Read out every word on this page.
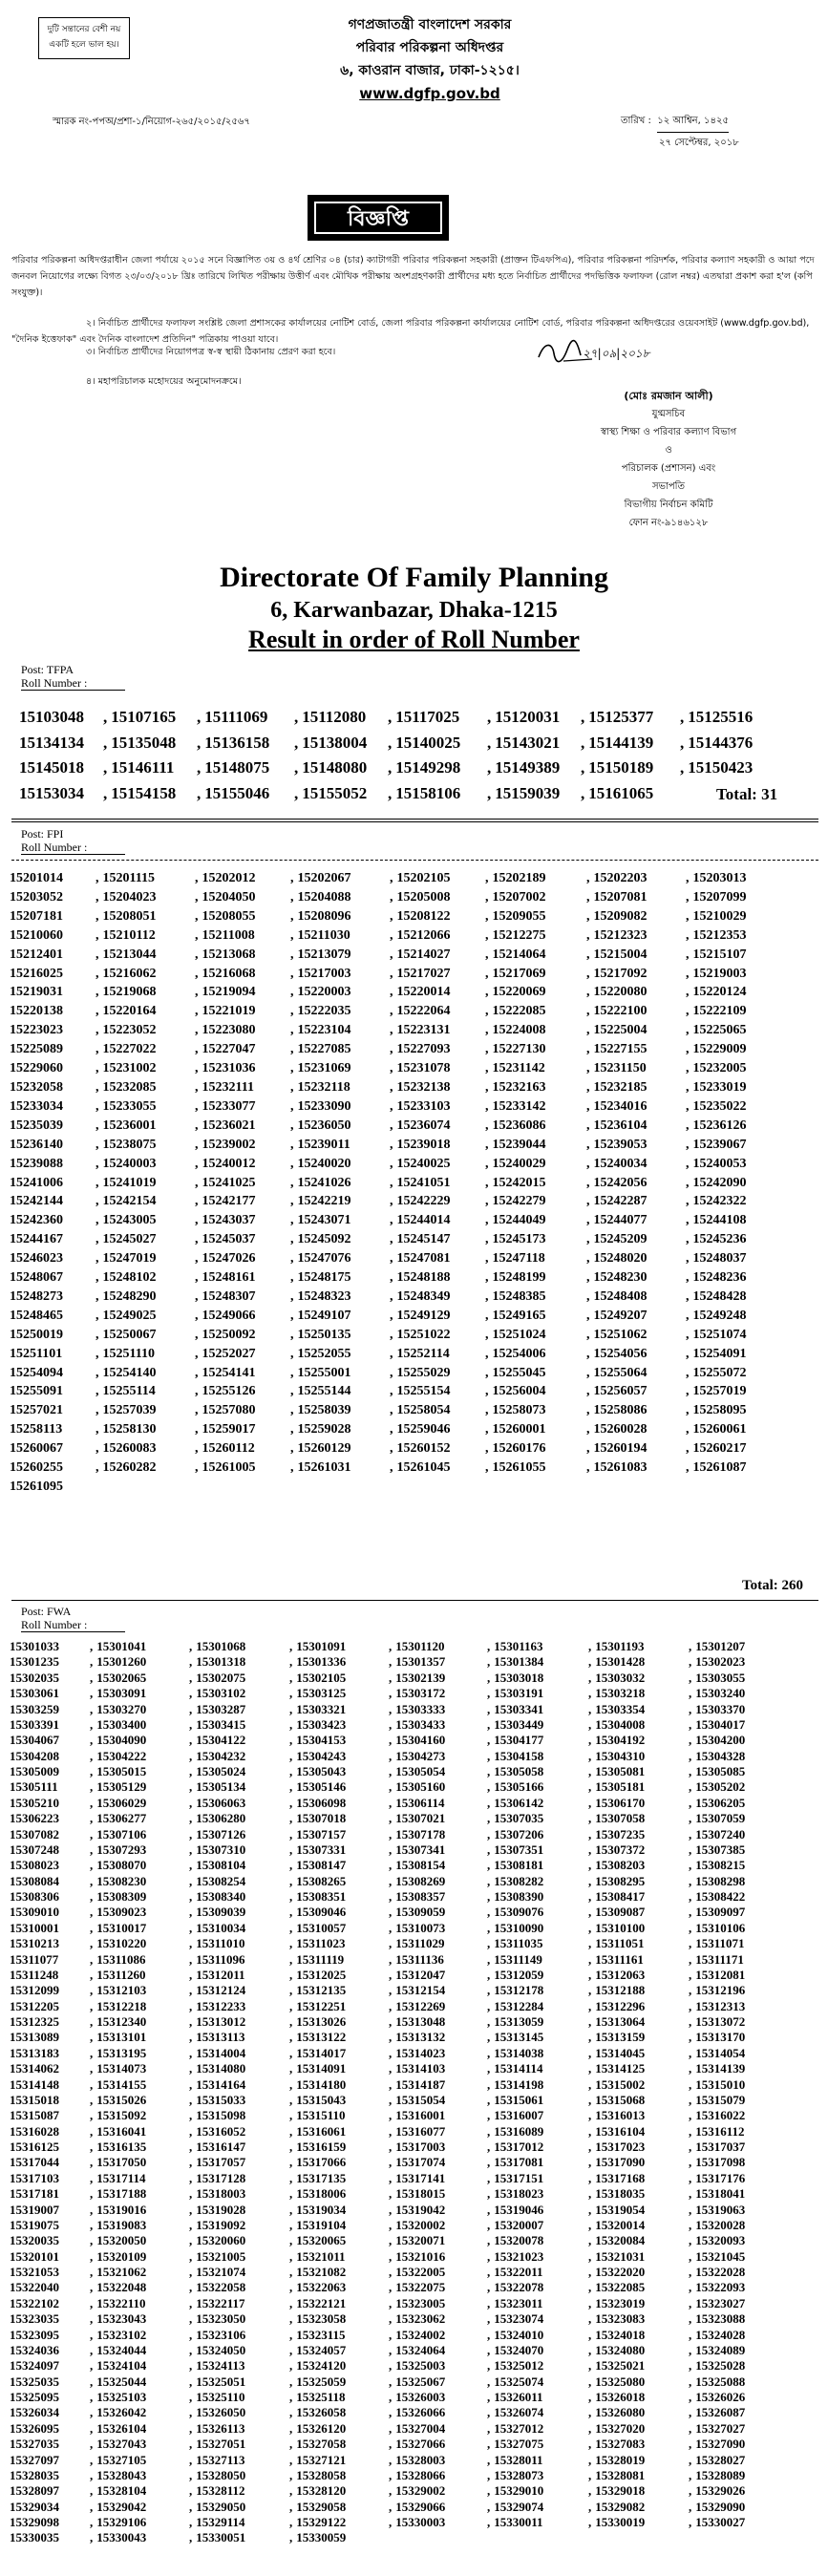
দুটি সন্তানের বেশী নয়
একটি হলে ভাল হয়।
গণপ্রজাতন্ত্রী বাংলাদেশ সরকার
পরিবার পরিকল্পনা অধিদপ্তর
৬, কাওরান বাজার, ঢাকা-১২১৫।
www.dgfp.gov.bd
স্মারক নং-পপঅ/প্রশা-১/নিয়োগ-২৬৫/২০১৫/২৫৬৭	তারিখ : ১২ আশ্বিন, ১৪২৫
২৭ সেপ্টেম্বর, ২০১৮
বিজ্ঞপ্তি
পরিবার পরিকল্পনা অধিদপ্তরাধীন জেলা পর্যায়ে ২০১৫ সনে বিজ্ঞাপিত ৩য় ও ৪র্থ শ্রেণির ০৪ (চার) ক্যাটাগরী পরিবার পরিকল্পনা সহকারী (প্রাক্তন টিএফপিএ), পরিবার পরিকল্পনা পরিদর্শক, পরিবার কল্যাণ সহকারী ও আয়া পদে জনবল নিয়োগের লক্ষ্যে বিগত ২৩/০৩/২০১৮ খ্রিঃ তারিখে লিখিত পরীক্ষায় উত্তীর্ণ এবং মৌখিক পরীক্ষায় অংশগ্রহণকারী প্রার্থীদের মধ্য হতে নির্বাচিত প্রার্থীদের পদভিত্তিক ফলাফল (রোল নম্বর) এতদ্বারা প্রকাশ করা হ'ল (কপি সংযুক্ত)।
২। নির্বাচিত প্রার্থীদের ফলাফল সংশ্লিষ্ট জেলা প্রশাসকের কার্যালয়ের নোটিশ বোর্ড, জেলা পরিবার পরিকল্পনা কার্যালয়ের নোটিশ বোর্ড, পরিবার পরিকল্পনা অধিদপ্তরের ওয়েবসাইট (www.dgfp.gov.bd), "দৈনিক ইত্তেফাক" এবং দৈনিক বাংলাদেশ প্রতিদিন" পত্রিকায় পাওয়া যাবে।
৩। নির্বাচিত প্রার্থীদের নিয়োগপত্র স্ব-স্ব স্থায়ী ঠিকানায় প্রেরণ করা হবে।
৪। মহাপরিচালক মহোদয়ের অনুমোদনক্রমে।
২৭|০৯|২০১৮
(মোঃ রমজান আলী)
যুগ্মসচিব
স্বাস্থ্য শিক্ষা ও পরিবার কল্যাণ বিভাগ
ও
পরিচালক (প্রশাসন) এবং
সভাপতি
বিভাগীয় নির্বাচন কমিটি
ফোন নং-৯১৪৬১২৮
Directorate Of Family Planning
6, Karwanbazar, Dhaka-1215
Result in order of Roll Number
Post: TFPA
Roll Number :
15103048	, 15107165	, 15111069	, 15112080	, 15117025	, 15120031	, 15125377	, 15125516
15134134	, 15135048	, 15136158	, 15138004	, 15140025	, 15143021	, 15144139	, 15144376
15145018	, 15146111	, 15148075	, 15148080	, 15149298	, 15149389	, 15150189	, 15150423
15153034	, 15154158	, 15155046	, 15155052	, 15158106	, 15159039	, 15161065	Total: 31
Post: FPI
Roll Number :
15201014	, 15201115	, 15202012	, 15202067	, 15202105	, 15202189	, 15202203	, 15203013
15203052	, 15204023	, 15204050	, 15204088	, 15205008	, 15207002	, 15207081	, 15207099
15207181	, 15208051	, 15208055	, 15208096	, 15208122	, 15209055	, 15209082	, 15210029
15210060	, 15210112	, 15211008	, 15211030	, 15212066	, 15212275	, 15212323	, 15212353
15212401	, 15213044	, 15213068	, 15213079	, 15214027	, 15214064	, 15215004	, 15215107
15216025	, 15216062	, 15216068	, 15217003	, 15217027	, 15217069	, 15217092	, 15219003
15219031	, 15219068	, 15219094	, 15220003	, 15220014	, 15220069	, 15220080	, 15220124
15220138	, 15220164	, 15221019	, 15222035	, 15222064	, 15222085	, 15222100	, 15222109
15223023	, 15223052	, 15223080	, 15223104	, 15223131	, 15224008	, 15225004	, 15225065
15225089	, 15227022	, 15227047	, 15227085	, 15227093	, 15227130	, 15227155	, 15229009
15229060	, 15231002	, 15231036	, 15231069	, 15231078	, 15231142	, 15231150	, 15232005
15232058	, 15232085	, 15232111	, 15232118	, 15232138	, 15232163	, 15232185	, 15233019
15233034	, 15233055	, 15233077	, 15233090	, 15233103	, 15233142	, 15234016	, 15235022
15235039	, 15236001	, 15236021	, 15236050	, 15236074	, 15236086	, 15236104	, 15236126
15236140	, 15238075	, 15239002	, 15239011	, 15239018	, 15239044	, 15239053	, 15239067
15239088	, 15240003	, 15240012	, 15240020	, 15240025	, 15240029	, 15240034	, 15240053
15241006	, 15241019	, 15241025	, 15241026	, 15241051	, 15242015	, 15242056	, 15242090
15242144	, 15242154	, 15242177	, 15242219	, 15242229	, 15242279	, 15242287	, 15242322
15242360	, 15243005	, 15243037	, 15243071	, 15244014	, 15244049	, 15244077	, 15244108
15244167	, 15245027	, 15245037	, 15245092	, 15245147	, 15245173	, 15245209	, 15245236
15246023	, 15247019	, 15247026	, 15247076	, 15247081	, 15247118	, 15248020	, 15248037
15248067	, 15248102	, 15248161	, 15248175	, 15248188	, 15248199	, 15248230	, 15248236
15248273	, 15248290	, 15248307	, 15248323	, 15248349	, 15248385	, 15248408	, 15248428
15248465	, 15249025	, 15249066	, 15249107	, 15249129	, 15249165	, 15249207	, 15249248
15250019	, 15250067	, 15250092	, 15250135	, 15251022	, 15251024	, 15251062	, 15251074
15251101	, 15251110	, 15252027	, 15252055	, 15252114	, 15254006	, 15254056	, 15254091
15254094	, 15254140	, 15254141	, 15255001	, 15255029	, 15255045	, 15255064	, 15255072
15255091	, 15255114	, 15255126	, 15255144	, 15255154	, 15256004	, 15256057	, 15257019
15257021	, 15257039	, 15257080	, 15258039	, 15258054	, 15258073	, 15258086	, 15258095
15258113	, 15258130	, 15259017	, 15259028	, 15259046	, 15260001	, 15260028	, 15260061
15260067	, 15260083	, 15260112	, 15260129	, 15260152	, 15260176	, 15260194	, 15260217
15260255	, 15260282	, 15261005	, 15261031	, 15261045	, 15261055	, 15261083	, 15261087
15261095
Total: 260
Post: FWA
Roll Number :
15301033	, 15301041	, 15301068	, 15301091	, 15301120	, 15301163	, 15301193	, 15301207
15301235	, 15301260	, 15301318	, 15301336	, 15301357	, 15301384	, 15301428	, 15302023
15302035	, 15302065	, 15302075	, 15302105	, 15302139	, 15303018	, 15303032	, 15303055
15303061	, 15303091	, 15303102	, 15303125	, 15303172	, 15303191	, 15303218	, 15303240
15303259	, 15303270	, 15303287	, 15303321	, 15303333	, 15303341	, 15303354	, 15303370
15303391	, 15303400	, 15303415	, 15303423	, 15303433	, 15303449	, 15304008	, 15304017
15304067	, 15304090	, 15304122	, 15304153	, 15304160	, 15304177	, 15304192	, 15304200
15304208	, 15304222	, 15304232	, 15304243	, 15304273	, 15304158	, 15304310	, 15304328
15305009	, 15305015	, 15305024	, 15305043	, 15305054	, 15305058	, 15305081	, 15305085
15305111	, 15305129	, 15305134	, 15305146	, 15305160	, 15305166	, 15305181	, 15305202
15305210	, 15306029	, 15306063	, 15306098	, 15306114	, 15306142	, 15306170	, 15306205
15306223	, 15306277	, 15306280	, 15307018	, 15307021	, 15307035	, 15307058	, 15307059
15307082	, 15307106	, 15307126	, 15307157	, 15307178	, 15307206	, 15307235	, 15307240
15307248	, 15307293	, 15307310	, 15307331	, 15307341	, 15307351	, 15307372	, 15307385
15308023	, 15308070	, 15308104	, 15308147	, 15308154	, 15308181	, 15308203	, 15308215
15308084	, 15308230	, 15308254	, 15308265	, 15308269	, 15308282	, 15308295	, 15308298
15308306	, 15308309	, 15308340	, 15308351	, 15308357	, 15308390	, 15308417	, 15308422
15309010	, 15309023	, 15309039	, 15309046	, 15309059	, 15309076	, 15309087	, 15309097
15310001	, 15310017	, 15310034	, 15310057	, 15310073	, 15310090	, 15310100	, 15310106
15310213	, 15310220	, 15311010	, 15311023	, 15311029	, 15311035	, 15311051	, 15311071
15311077	, 15311086	, 15311096	, 15311119	, 15311136	, 15311149	, 15311161	, 15311171
15311248	, 15311260	, 15312011	, 15312025	, 15312047	, 15312059	, 15312063	, 15312081
15312099	, 15312103	, 15312124	, 15312135	, 15312154	, 15312178	, 15312188	, 15312196
15312205	, 15312218	, 15312233	, 15312251	, 15312269	, 15312284	, 15312296	, 15312313
15312325	, 15312340	, 15313012	, 15313026	, 15313048	, 15313059	, 15313064	, 15313072
15313089	, 15313101	, 15313113	, 15313122	, 15313132	, 15313145	, 15313159	, 15313170
15313183	, 15313195	, 15314004	, 15314017	, 15314023	, 15314038	, 15314045	, 15314054
15314062	, 15314073	, 15314080	, 15314091	, 15314103	, 15314114	, 15314125	, 15314139
15314148	, 15314155	, 15314164	, 15314180	, 15314187	, 15314198	, 15315002	, 15315010
15315018	, 15315026	, 15315033	, 15315043	, 15315054	, 15315061	, 15315068	, 15315079
15315087	, 15315092	, 15315098	, 15315110	, 15316001	, 15316007	, 15316013	, 15316022
15316028	, 15316041	, 15316052	, 15316061	, 15316077	, 15316089	, 15316104	, 15316112
15316125	, 15316135	, 15316147	, 15316159	, 15317003	, 15317012	, 15317023	, 15317037
15317044	, 15317050	, 15317057	, 15317066	, 15317074	, 15317081	, 15317090	, 15317098
15317103	, 15317114	, 15317128	, 15317135	, 15317141	, 15317151	, 15317168	, 15317176
15317181	, 15317188	, 15318003	, 15318006	, 15318015	, 15318023	, 15318035	, 15318041
15319007	, 15319016	, 15319028	, 15319034	, 15319042	, 15319046	, 15319054	, 15319063
15319075	, 15319083	, 15319092	, 15319104	, 15320002	, 15320007	, 15320014	, 15320028
15320035	, 15320050	, 15320060	, 15320065	, 15320071	, 15320078	, 15320084	, 15320093
15320101	, 15320109	, 15321005	, 15321011	, 15321016	, 15321023	, 15321031	, 15321045
15321053	, 15321062	, 15321074	, 15321082	, 15322005	, 15322011	, 15322020	, 15322028
15322040	, 15322048	, 15322058	, 15322063	, 15322075	, 15322078	, 15322085	, 15322093
15322102	, 15322110	, 15322117	, 15322121	, 15323005	, 15323011	, 15323019	, 15323027
15323035	, 15323043	, 15323050	, 15323058	, 15323062	, 15323074	, 15323083	, 15323088
15323095	, 15323102	, 15323106	, 15323115	, 15324002	, 15324010	, 15324018	, 15324028
15324036	, 15324044	, 15324050	, 15324057	, 15324064	, 15324070	, 15324080	, 15324089
15324097	, 15324104	, 15324113	, 15324120	, 15325003	, 15325012	, 15325021	, 15325028
15325035	, 15325044	, 15325051	, 15325059	, 15325067	, 15325074	, 15325080	, 15325088
15325095	, 15325103	, 15325110	, 15325118	, 15326003	, 15326011	, 15326018	, 15326026
15326034	, 15326042	, 15326050	, 15326058	, 15326066	, 15326074	, 15326080	, 15326087
15326095	, 15326104	, 15326113	, 15326120	, 15327004	, 15327012	, 15327020	, 15327027
15327035	, 15327043	, 15327051	, 15327058	, 15327066	, 15327075	, 15327083	, 15327090
15327097	, 15327105	, 15327113	, 15327121	, 15328003	, 15328011	, 15328019	, 15328027
15328035	, 15328043	, 15328050	, 15328058	, 15328066	, 15328073	, 15328081	, 15328089
15328097	, 15328104	, 15328112	, 15328120	, 15329002	, 15329010	, 15329018	, 15329026
15329034	, 15329042	, 15329050	, 15329058	, 15329066	, 15329074	, 15329082	, 15329090
15329098	, 15329106	, 15329114	, 15329122	, 15330003	, 15330011	, 15330019	, 15330027
15330035	, 15330043	, 15330051	, 15330059
